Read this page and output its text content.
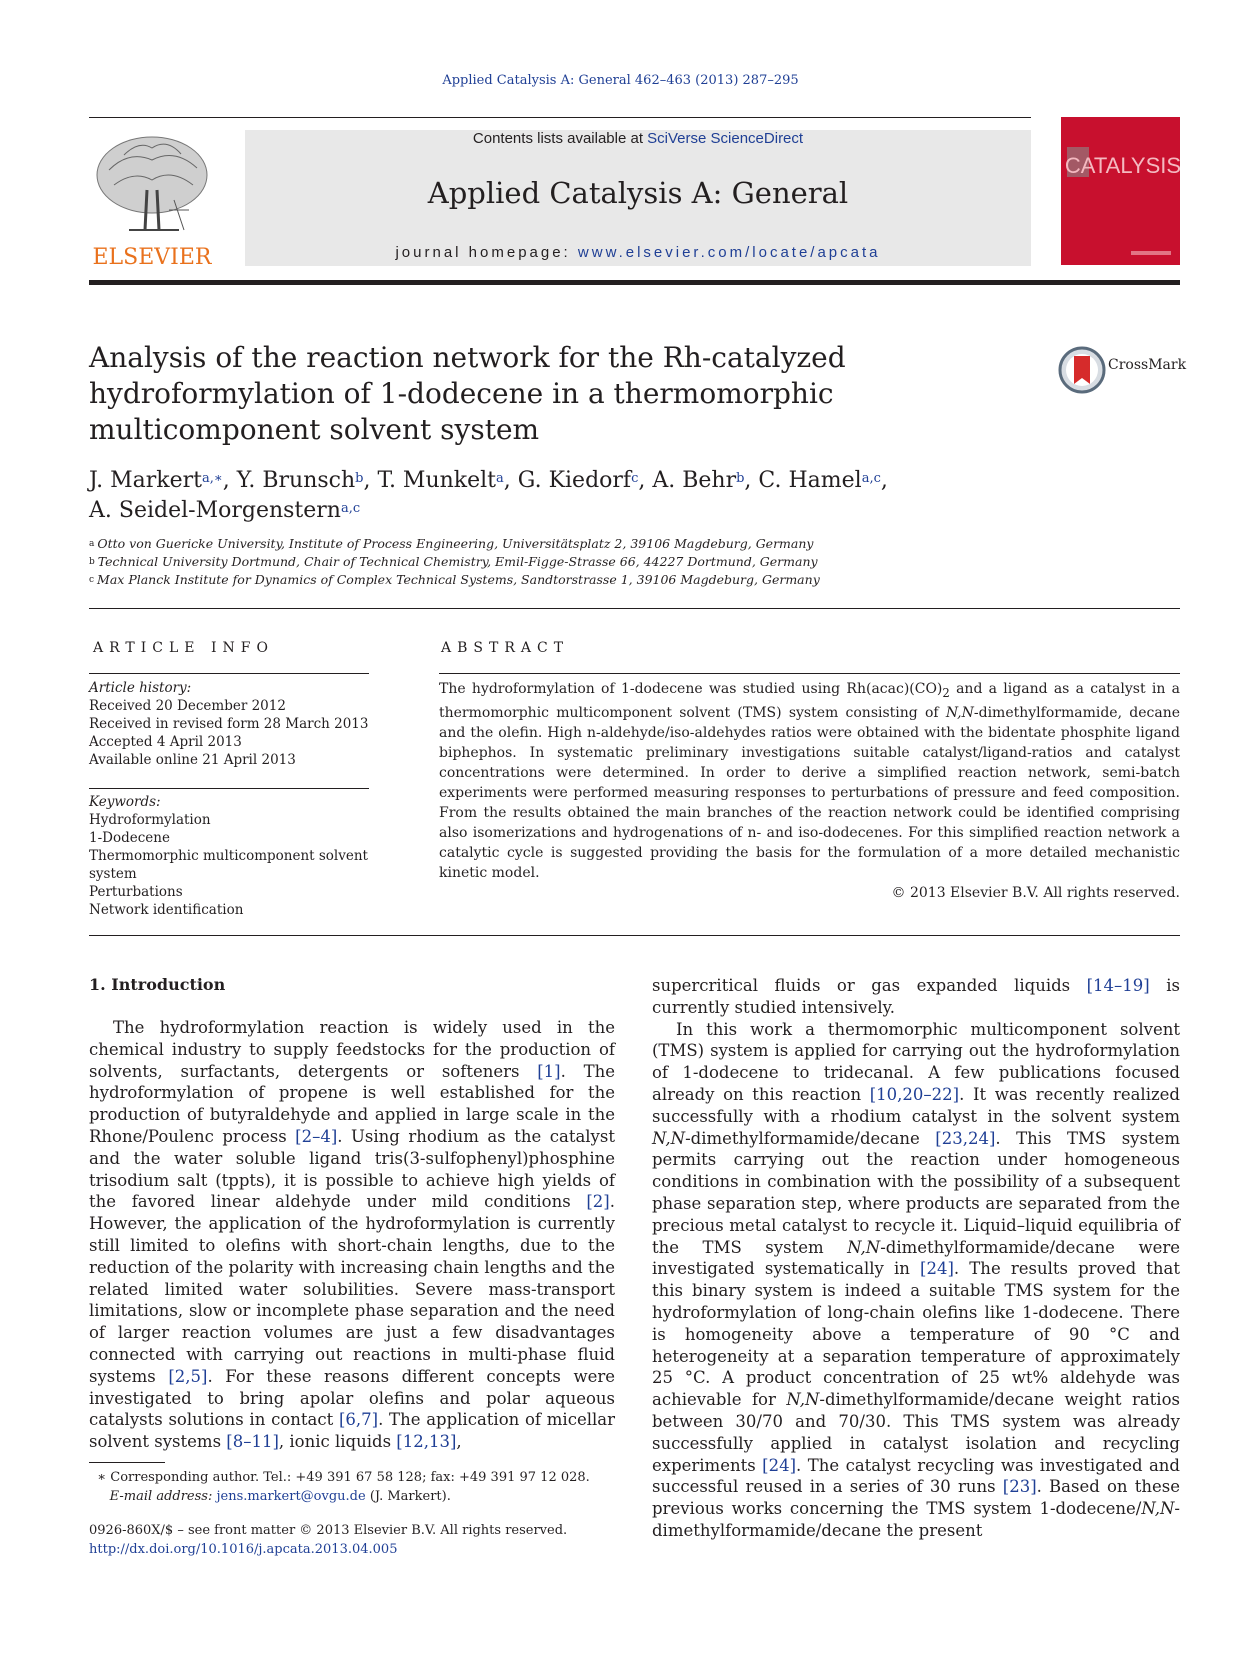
Applied Catalysis A: General 462–463 (2013) 287–295
ELSEVIER
Contents lists available at SciVerse ScienceDirect
Applied Catalysis A: General
journal homepage: www.elsevier.com/locate/apcata
CATALYSIS
Analysis of the reaction network for the Rh-catalyzed hydroformylation of 1-dodecene in a thermomorphic multicomponent solvent system
CrossMark
J. Markert$^{a,∗}$, Y. Brunsch$^b$, T. Munkelt$^a$, G. Kiedorf$^c$, A. Behr$^b$, C. Hamel$^{a,c}$,
A. Seidel-Morgenstern$^{a,c}$
$^a$ Otto von Guericke University, Institute of Process Engineering, Universitätsplatz 2, 39106 Magdeburg, Germany
$^b$ Technical University Dortmund, Chair of Technical Chemistry, Emil-Figge-Strasse 66, 44227 Dortmund, Germany
$^c$ Max Planck Institute for Dynamics of Complex Technical Systems, Sandtorstrasse 1, 39106 Magdeburg, Germany
ARTICLE INFO
Article history:
Received 20 December 2012
Received in revised form 28 March 2013
Accepted 4 April 2013
Available online 21 April 2013
Keywords:
Hydroformylation
1-Dodecene
Thermomorphic multicomponent solvent system
Perturbations
Network identification
ABSTRACT
The hydroformylation of 1-dodecene was studied using $Rh(acac)(CO)_2$ and a ligand as a catalyst in a thermomorphic multicomponent solvent (TMS) system consisting of N,N-dimethylformamide, decane and the olefin. High n-aldehyde/iso-aldehydes ratios were obtained with the bidentate phosphite ligand biphephos. In systematic preliminary investigations suitable catalyst/ligand-ratios and catalyst concentrations were determined. In order to derive a simplified reaction network, semi-batch experiments were performed measuring responses to perturbations of pressure and feed composition. From the results obtained the main branches of the reaction network could be identified comprising also isomerizations and hydrogenations of n- and iso-dodecenes. For this simplified reaction network a catalytic cycle is suggested providing the basis for the formulation of a more detailed mechanistic kinetic model.
© 2013 Elsevier B.V. All rights reserved.
1. Introduction

The hydroformylation reaction is widely used in the chemical industry to supply feedstocks for the production of solvents, surfactants, detergents or softeners [1]. The hydroformylation of propene is well established for the production of butyraldehyde and applied in large scale in the Rhone/Poulenc process [2–4]. Using rhodium as the catalyst and the water soluble ligand tris(3-sulfophenyl)phosphine trisodium salt (tppts), it is possible to achieve high yields of the favored linear aldehyde under mild conditions [2]. However, the application of the hydroformylation is currently still limited to olefins with short-chain lengths, due to the reduction of the polarity with increasing chain lengths and the related limited water solubilities. Severe mass-transport limitations, slow or incomplete phase separation and the need of larger reaction volumes are just a few disadvantages connected with carrying out reactions in multi-phase fluid systems [2,5]. For these reasons different concepts were investigated to bring apolar olefins and polar aqueous catalysts solutions in contact [6,7]. The application of micellar solvent systems [8–11], ionic liquids [12,13],

supercritical fluids or gas expanded liquids [14–19] is currently studied intensively.

In this work a thermomorphic multicomponent solvent (TMS) system is applied for carrying out the hydroformylation of 1-dodecene to tridecanal. A few publications focused already on this reaction [10,20–22]. It was recently realized successfully with a rhodium catalyst in the solvent system N,N-dimethylformamide/decane [23,24]. This TMS system permits carrying out the reaction under homogeneous conditions in combination with the possibility of a subsequent phase separation step, where products are separated from the precious metal catalyst to recycle it. Liquid–liquid equilibria of the TMS system N,N-dimethylformamide/decane were investigated systematically in [24]. The results proved that this binary system is indeed a suitable TMS system for the hydroformylation of long-chain olefins like 1-dodecene. There is homogeneity above a temperature of 90 °C and heterogeneity at a separation temperature of approximately 25 °C. A product concentration of 25 wt% aldehyde was achievable for N,N-dimethylformamide/decane weight ratios between 30/70 and 70/30. This TMS system was already successfully applied in catalyst isolation and recycling experiments [24]. The catalyst recycling was investigated and successful reused in a series of 30 runs [23]. Based on these previous works concerning the TMS system 1-dodecene/N,N-dimethylformamide/decane the present

∗ Corresponding author. Tel.: +49 391 67 58 128; fax: +49 391 97 12 028.
E-mail address: jens.markert@ovgu.de (J. Markert).
0926-860X/$ – see front matter © 2013 Elsevier B.V. All rights reserved.
http://dx.doi.org/10.1016/j.apcata.2013.04.005
